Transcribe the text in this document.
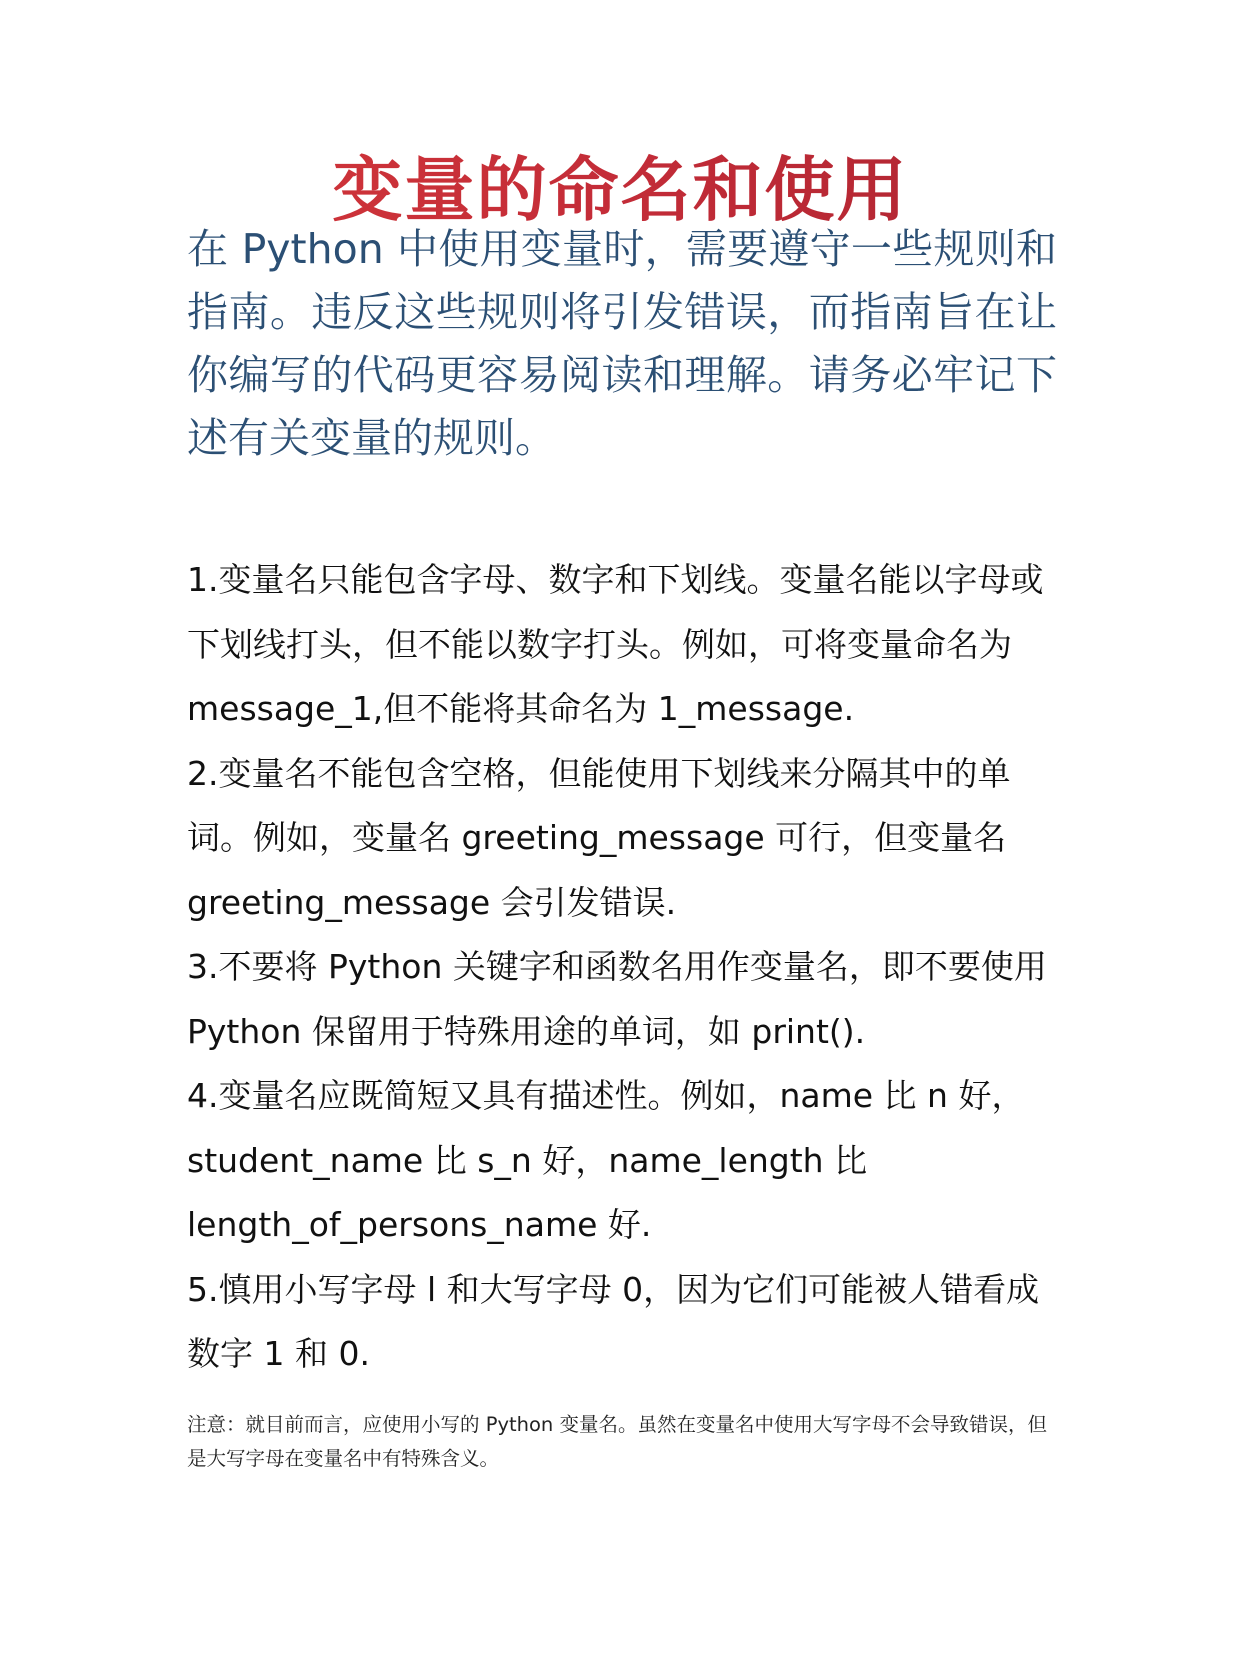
变量的命名和使用

在 Python 中使用变量时，需要遵守一些规则和指南。违反这些规则将引发错误，而指南旨在让你编写的代码更容易阅读和理解。请务必牢记下述有关变量的规则。

1.变量名只能包含字母、数字和下划线。变量名能以字母或下划线打头，但不能以数字打头。例如，可将变量命名为 message_1,但不能将其命名为 1_message.
2.变量名不能包含空格，但能使用下划线来分隔其中的单词。例如，变量名 greeting_message 可行，但变量名 greeting_message 会引发错误.
3.不要将 Python 关键字和函数名用作变量名，即不要使用 Python 保留用于特殊用途的单词，如 print().
4.变量名应既简短又具有描述性。例如，name 比 n 好，student_name 比 s_n 好，name_length 比 length_of_persons_name 好.
5.慎用小写字母 l 和大写字母 0，因为它们可能被人错看成数字 1 和 0.

注意：就目前而言，应使用小写的 Python 变量名。虽然在变量名中使用大写字母不会导致错误，但是大写字母在变量名中有特殊含义。
